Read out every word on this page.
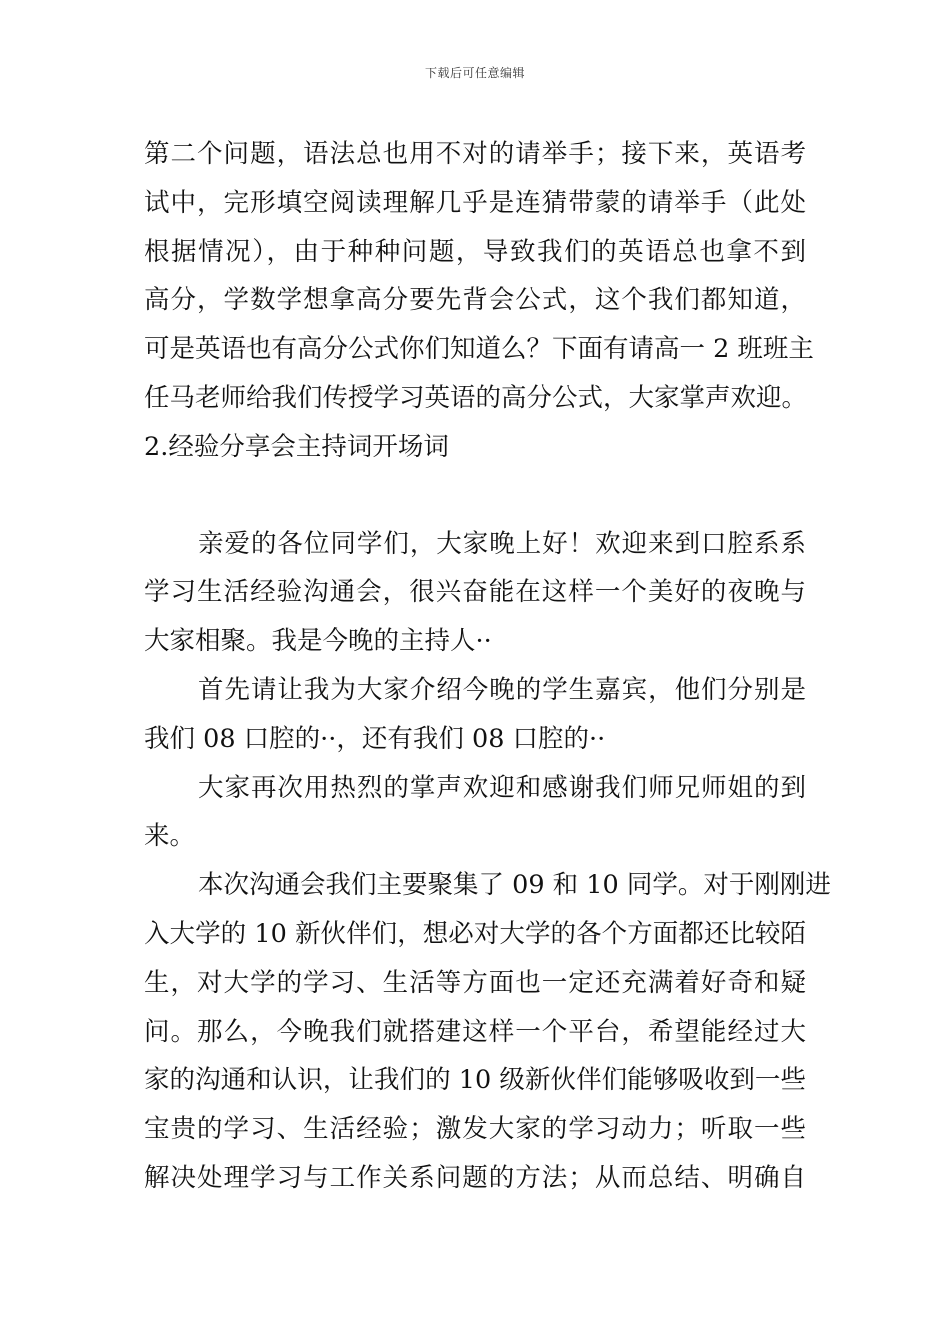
下载后可任意编辑
第二个问题，语法总也用不对的请举手；接下来，英语考
试中，完形填空阅读理解几乎是连猜带蒙的请举手（此处
根据情况），由于种种问题，导致我们的英语总也拿不到
高分，学数学想拿高分要先背会公式，这个我们都知道，
可是英语也有高分公式你们知道么？下面有请高一 2 班班主
任马老师给我们传授学习英语的高分公式，大家掌声欢迎。
2.经验分享会主持词开场词
亲爱的各位同学们，大家晚上好！欢迎来到口腔系系
学习生活经验沟通会，很兴奋能在这样一个美好的夜晚与
大家相聚。我是今晚的主持人··
首先请让我为大家介绍今晚的学生嘉宾，他们分别是
我们 08 口腔的··，还有我们 08 口腔的··
大家再次用热烈的掌声欢迎和感谢我们师兄师姐的到
来。
本次沟通会我们主要聚集了 09 和 10 同学。对于刚刚进
入大学的 10 新伙伴们，想必对大学的各个方面都还比较陌
生，对大学的学习、生活等方面也一定还充满着好奇和疑
问。那么，今晚我们就搭建这样一个平台，希望能经过大
家的沟通和认识，让我们的 10 级新伙伴们能够吸收到一些
宝贵的学习、生活经验；激发大家的学习动力；听取一些
解决处理学习与工作关系问题的方法；从而总结、明确自
